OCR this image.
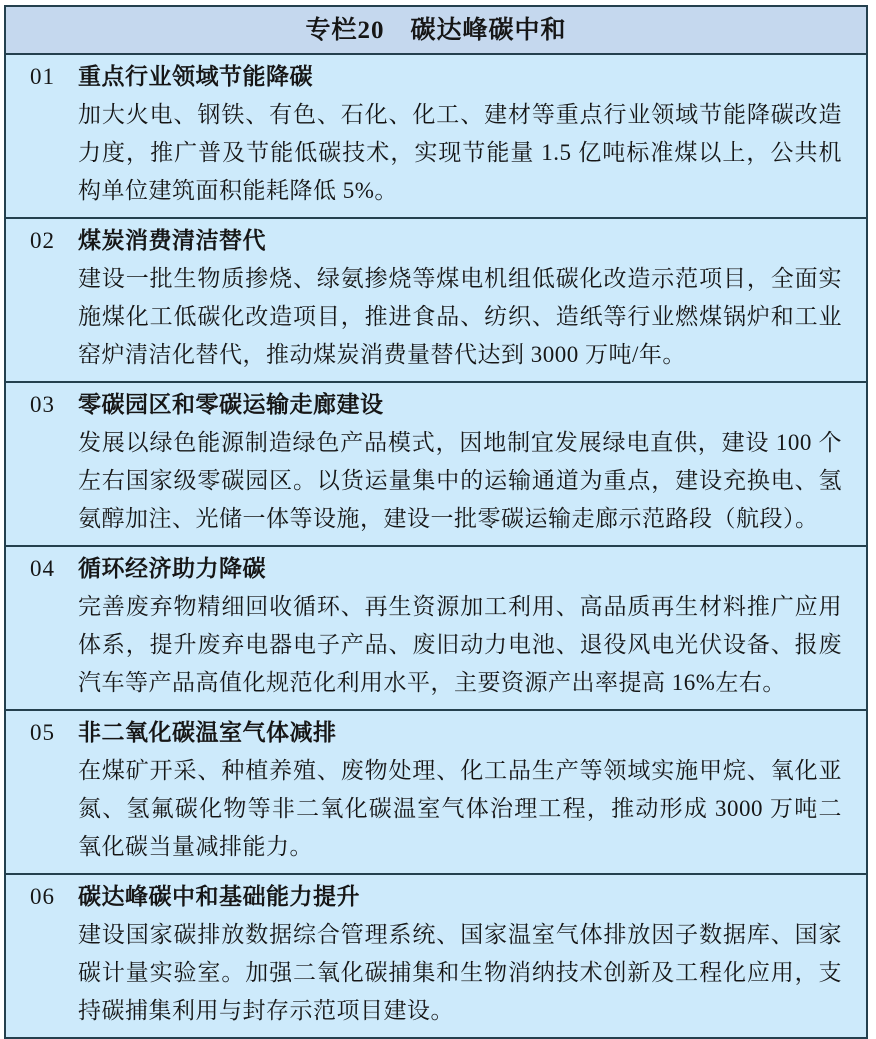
专栏20　碳达峰碳中和
01	重点行业领域节能降碳
加大火电、钢铁、有色、石化、化工、建材等重点行业领域节能降碳改造力度，推广普及节能低碳技术，实现节能量 1.5 亿吨标准煤以上，公共机构单位建筑面积能耗降低 5%。
02	煤炭消费清洁替代
建设一批生物质掺烧、绿氨掺烧等煤电机组低碳化改造示范项目，全面实施煤化工低碳化改造项目，推进食品、纺织、造纸等行业燃煤锅炉和工业窑炉清洁化替代，推动煤炭消费量替代达到 3000 万吨/年。
03	零碳园区和零碳运输走廊建设
发展以绿色能源制造绿色产品模式，因地制宜发展绿电直供，建设 100 个左右国家级零碳园区。以货运量集中的运输通道为重点，建设充换电、氢氨醇加注、光储一体等设施，建设一批零碳运输走廊示范路段（航段）。
04	循环经济助力降碳
完善废弃物精细回收循环、再生资源加工利用、高品质再生材料推广应用体系，提升废弃电器电子产品、废旧动力电池、退役风电光伏设备、报废汽车等产品高值化规范化利用水平，主要资源产出率提高 16%左右。
05	非二氧化碳温室气体减排
在煤矿开采、种植养殖、废物处理、化工品生产等领域实施甲烷、氧化亚氮、氢氟碳化物等非二氧化碳温室气体治理工程，推动形成 3000 万吨二氧化碳当量减排能力。
06	碳达峰碳中和基础能力提升
建设国家碳排放数据综合管理系统、国家温室气体排放因子数据库、国家碳计量实验室。加强二氧化碳捕集和生物消纳技术创新及工程化应用，支持碳捕集利用与封存示范项目建设。
